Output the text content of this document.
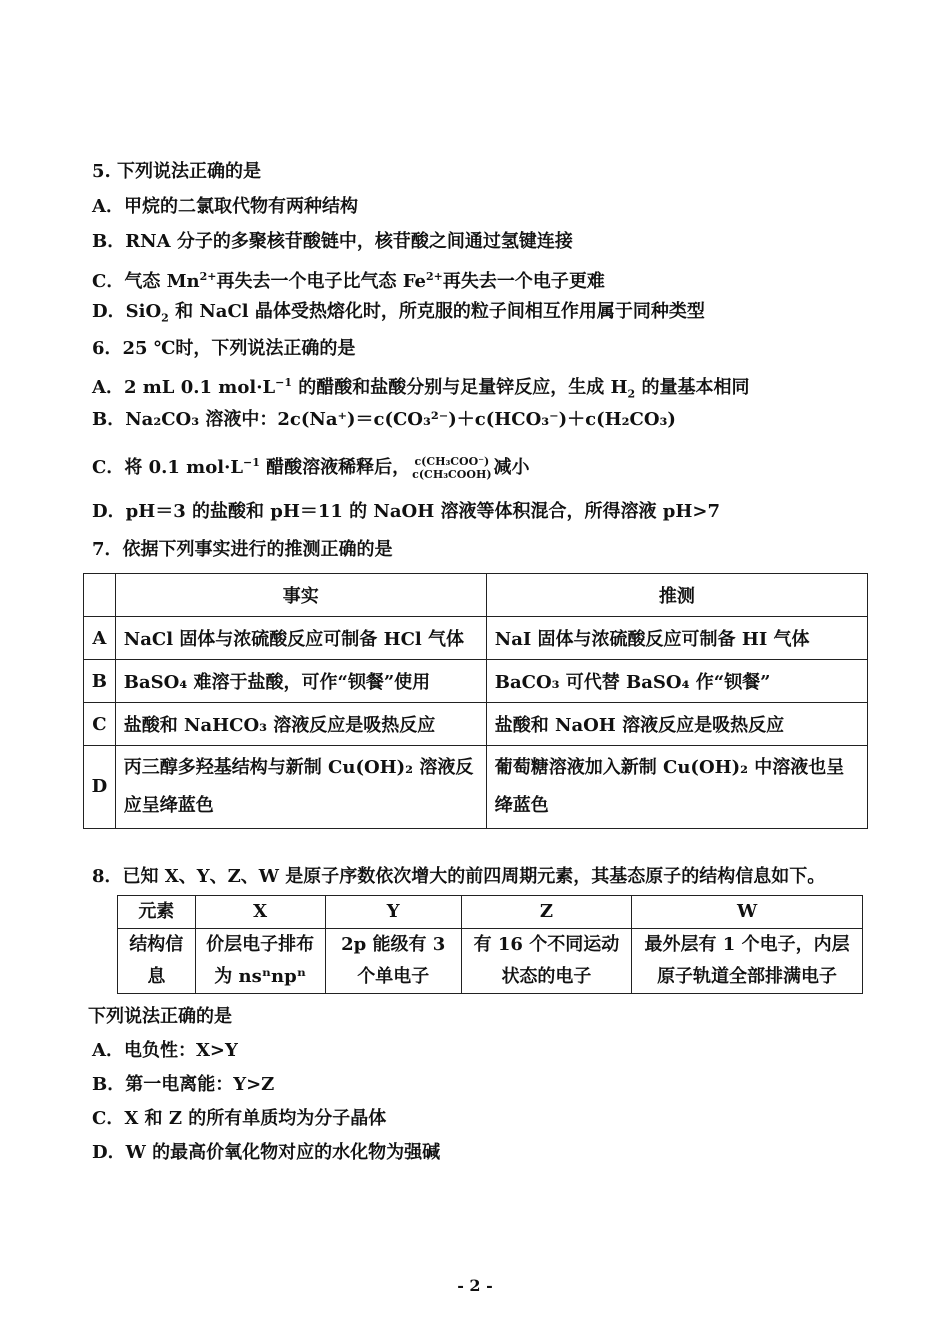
5. 下列说法正确的是
A．甲烷的二氯取代物有两种结构
B．RNA 分子的多聚核苷酸链中，核苷酸之间通过氢键连接
C．气态 $Mn^{2+}$再失去一个电子比气态 $Fe^{2+}$再失去一个电子更难
D．SiO$_2$ 和 NaCl 晶体受热熔化时，所克服的粒子间相互作用属于同种类型
6．25 ℃时，下列说法正确的是
A．2 mL 0.1 $mol\cdot L^{-1}$ 的醋酸和盐酸分别与足量锌反应，生成 $H_2$ 的量基本相同
B．Na₂CO₃ 溶液中：2c(Na⁺)＝c(CO₃²⁻)＋c(HCO₃⁻)＋c(H₂CO₃)
C．将 0.1 $mol\cdot L^{-1}$ 醋酸溶液稀释后， c(CH₃COO⁻)
c(CH₃COOH) 减小
D．pH＝3 的盐酸和 pH＝11 的 NaOH 溶液等体积混合，所得溶液 pH>7
7．依据下列事实进行的推测正确的是
	事实	推测
A	NaCl 固体与浓硫酸反应可制备 HCl 气体	NaI 固体与浓硫酸反应可制备 HI 气体
B	BaSO₄ 难溶于盐酸，可作“钡餐”使用	BaCO₃ 可代替 BaSO₄ 作“钡餐”
C	盐酸和 NaHCO₃ 溶液反应是吸热反应	盐酸和 NaOH 溶液反应是吸热反应
D	丙三醇多羟基结构与新制 Cu(OH)₂ 溶液反应呈绛蓝色	葡萄糖溶液加入新制 Cu(OH)₂ 中溶液也呈绛蓝色
8．已知 X、Y、Z、W 是原子序数依次增大的前四周期元素，其基态原子的结构信息如下。
元素	X	Y	Z	W
结构信息	价层电子排布为 nsⁿnpⁿ	2p 能级有 3 个单电子	有 16 个不同运动状态的电子	最外层有 1 个电子，内层原子轨道全部排满电子
下列说法正确的是
A．电负性：X>Y
B．第一电离能：Y>Z
C．X 和 Z 的所有单质均为分子晶体
D．W 的最高价氧化物对应的水化物为强碱
- 2 -
